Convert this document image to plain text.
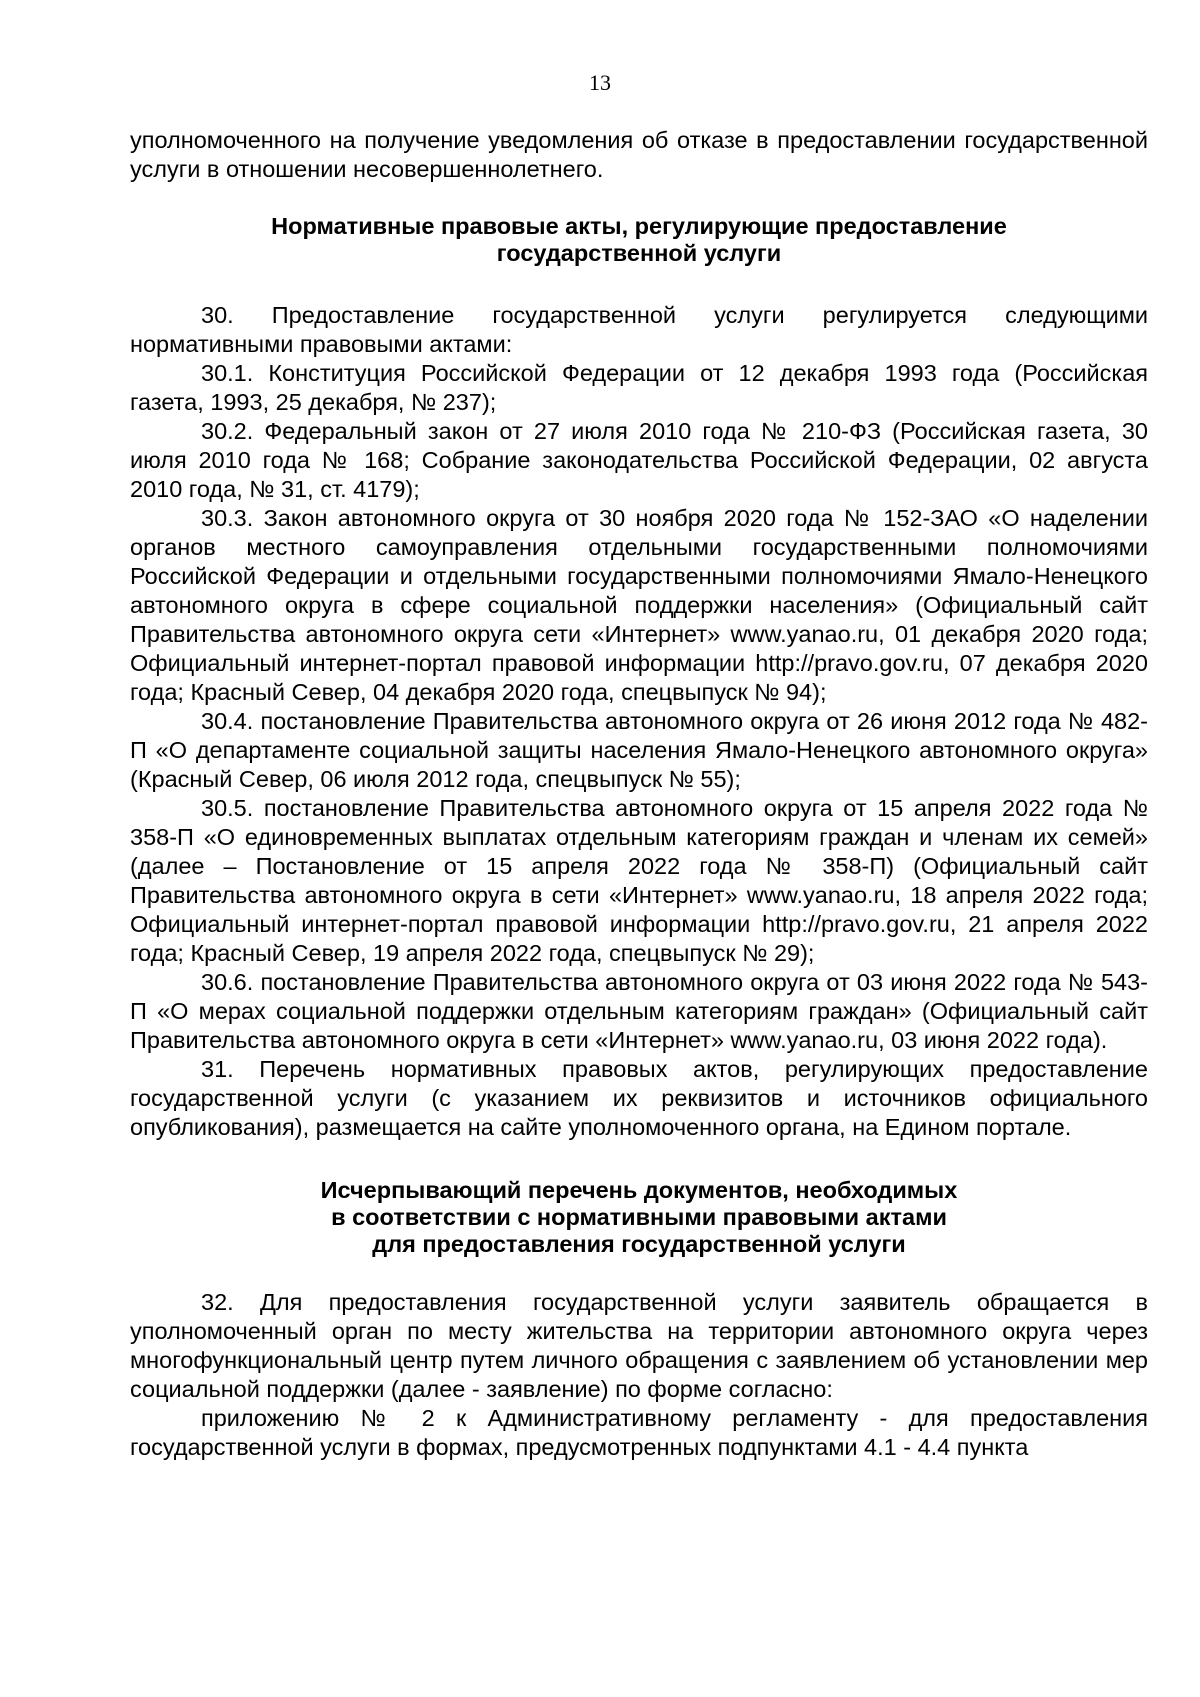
13

уполномоченного на получение уведомления об отказе в предоставлении государственной услуги в отношении несовершеннолетнего.

Нормативные правовые акты, регулирующие предоставление
государственной услуги

30. Предоставление государственной услуги регулируется следующими нормативными правовыми актами:

30.1. Конституция Российской Федерации от 12 декабря 1993 года (Российская газета, 1993, 25 декабря, № 237);

30.2. Федеральный закон от 27 июля 2010 года № 210-ФЗ (Российская газета, 30 июля 2010 года № 168; Собрание законодательства Российской Федерации, 02 августа 2010 года, № 31, ст. 4179);

30.3. Закон автономного округа от 30 ноября 2020 года № 152-ЗАО «О наделении органов местного самоуправления отдельными государственными полномочиями Российской Федерации и отдельными государственными полномочиями Ямало-Ненецкого автономного округа в сфере социальной поддержки населения» (Официальный сайт Правительства автономного округа сети «Интернет» www.yanao.ru, 01 декабря 2020 года; Официальный интернет-портал правовой информации http://pravo.gov.ru, 07 декабря 2020 года; Красный Север, 04 декабря 2020 года, спецвыпуск № 94);

30.4. постановление Правительства автономного округа от 26 июня 2012 года № 482-П «О департаменте социальной защиты населения Ямало-Ненецкого автономного округа» (Красный Север, 06 июля 2012 года, спецвыпуск № 55);

30.5. постановление Правительства автономного округа от 15 апреля 2022 года № 358-П «О единовременных выплатах отдельным категориям граждан и членам их семей» (далее – Постановление от 15 апреля 2022 года № 358-П) (Официальный сайт Правительства автономного округа в сети «Интернет» www.yanao.ru, 18 апреля 2022 года; Официальный интернет-портал правовой информации http://pravo.gov.ru, 21 апреля 2022 года; Красный Север, 19 апреля 2022 года, спецвыпуск № 29);

30.6. постановление Правительства автономного округа от 03 июня 2022 года № 543-П «О мерах социальной поддержки отдельным категориям граждан» (Официальный сайт Правительства автономного округа в сети «Интернет» www.yanao.ru, 03 июня 2022 года).

31. Перечень нормативных правовых актов, регулирующих предоставление государственной услуги (с указанием их реквизитов и источников официального опубликования), размещается на сайте уполномоченного органа, на Едином портале.

Исчерпывающий перечень документов, необходимых
в соответствии с нормативными правовыми актами
для предоставления государственной услуги

32. Для предоставления государственной услуги заявитель обращается в уполномоченный орган по месту жительства на территории автономного округа через многофункциональный центр путем личного обращения с заявлением об установлении мер социальной поддержки (далее - заявление) по форме согласно:

приложению № 2 к Административному регламенту - для предоставления государственной услуги в формах, предусмотренных подпунктами 4.1 - 4.4 пункта
